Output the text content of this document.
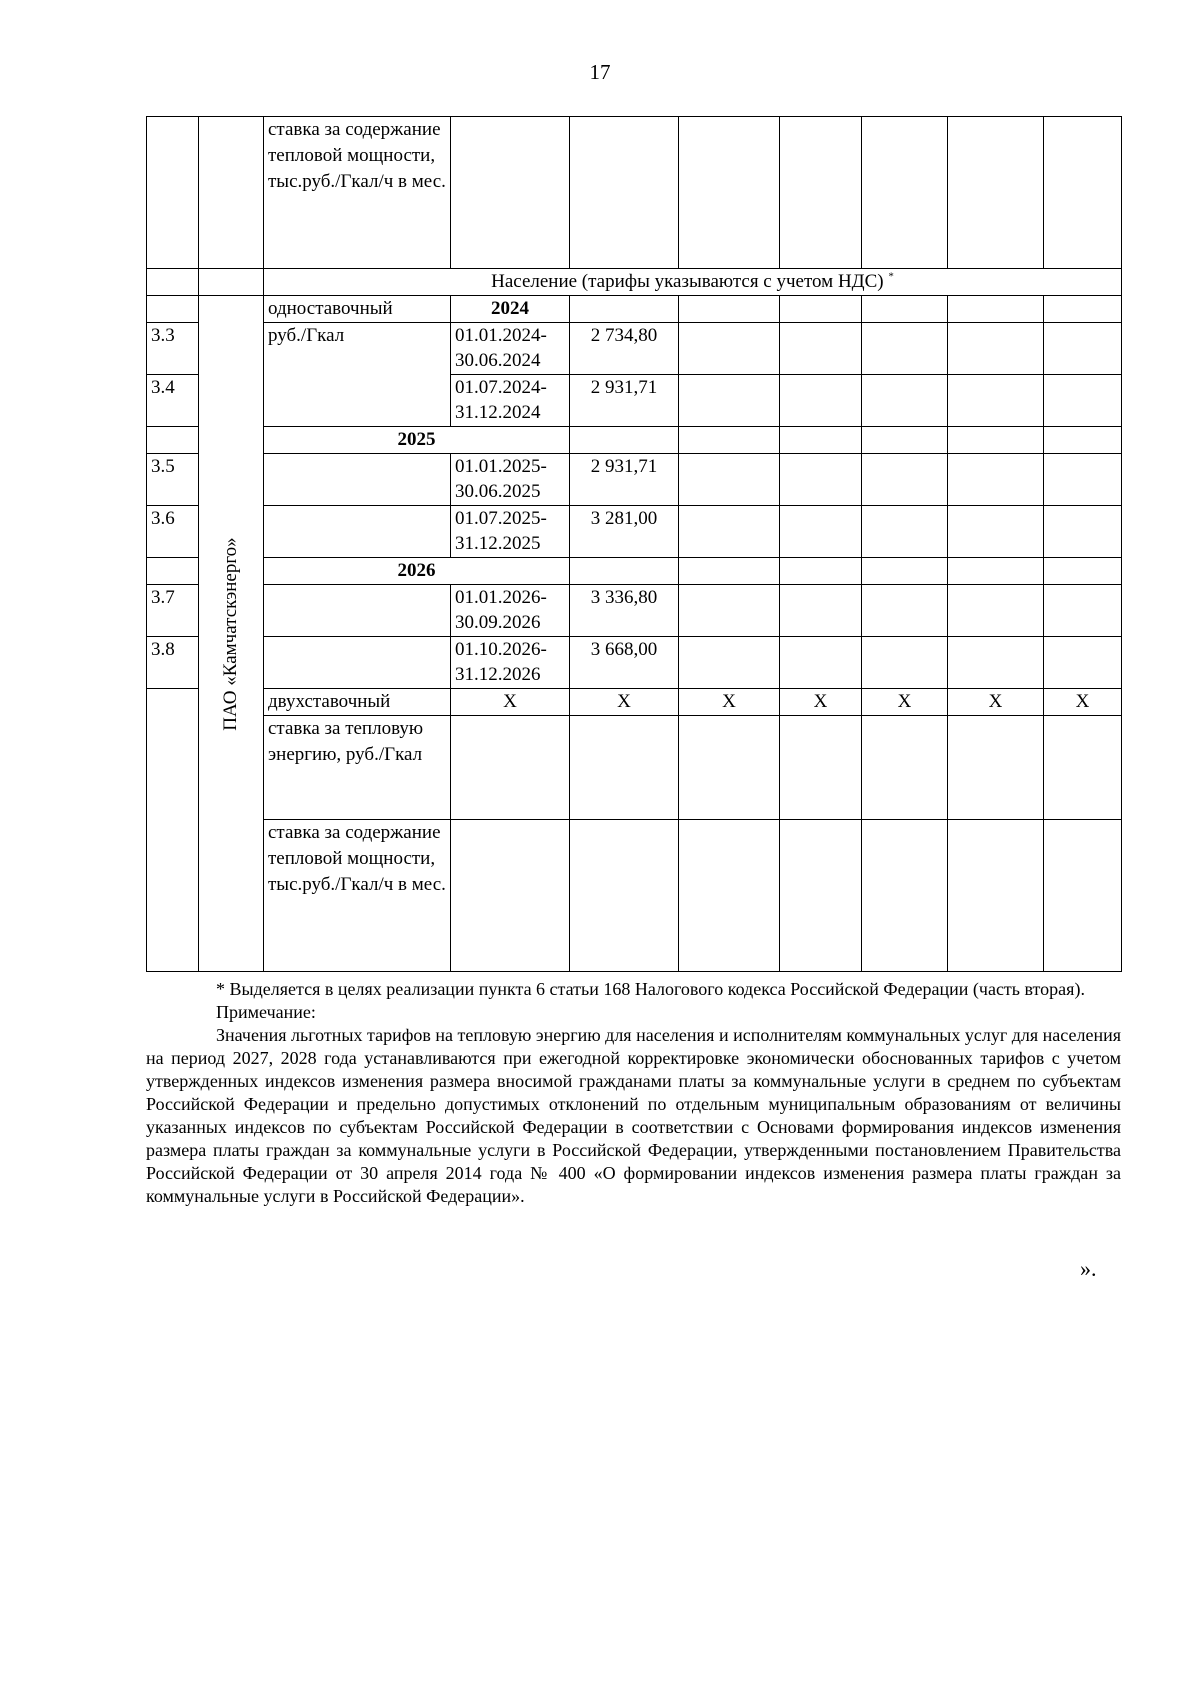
17
		ставка за содержание тепловой мощности, тыс.руб./Гкал/ч в мес.							
		Население (тарифы указываются с учетом НДС) *

	ПАО «Камчатскэнерго»	одноставочный	2024						
3.3		руб./Гкал	01.01.2024-
30.06.2024	2 734,80					
3.4			01.07.2024-
31.12.2024	2 931,71					
		2025							
3.5			01.01.2025-
30.06.2025	2 931,71					
3.6			01.07.2025-
31.12.2025	3 281,00					
		2026							
3.7			01.01.2026-
30.09.2026	3 336,80					
3.8			01.10.2026-
31.12.2026	3 668,00					
		двухставочный	Х	Х	Х	Х	Х	Х	Х
		ставка за тепловую энергию, руб./Гкал							
		ставка за содержание тепловой мощности, тыс.руб./Гкал/ч в мес.							

* Выделяется в целях реализации пункта 6 статьи 168 Налогового кодекса Российской Федерации (часть вторая).

Примечание:

Значения льготных тарифов на тепловую энергию для населения и исполнителям коммунальных услуг для населения на период 2027, 2028 года устанавливаются при ежегодной корректировке экономически обоснованных тарифов с учетом утвержденных индексов изменения размера вносимой гражданами платы за коммунальные услуги в среднем по субъектам Российской Федерации и предельно допустимых отклонений по отдельным муниципальным образованиям от величины указанных индексов по субъектам Российской Федерации в соответствии с Основами формирования индексов изменения размера платы граждан за коммунальные услуги в Российской Федерации, утвержденными постановлением Правительства Российской Федерации от 30 апреля 2014 года № 400 «О формировании индексов изменения размера платы граждан за коммунальные услуги в Российской Федерации».

».
